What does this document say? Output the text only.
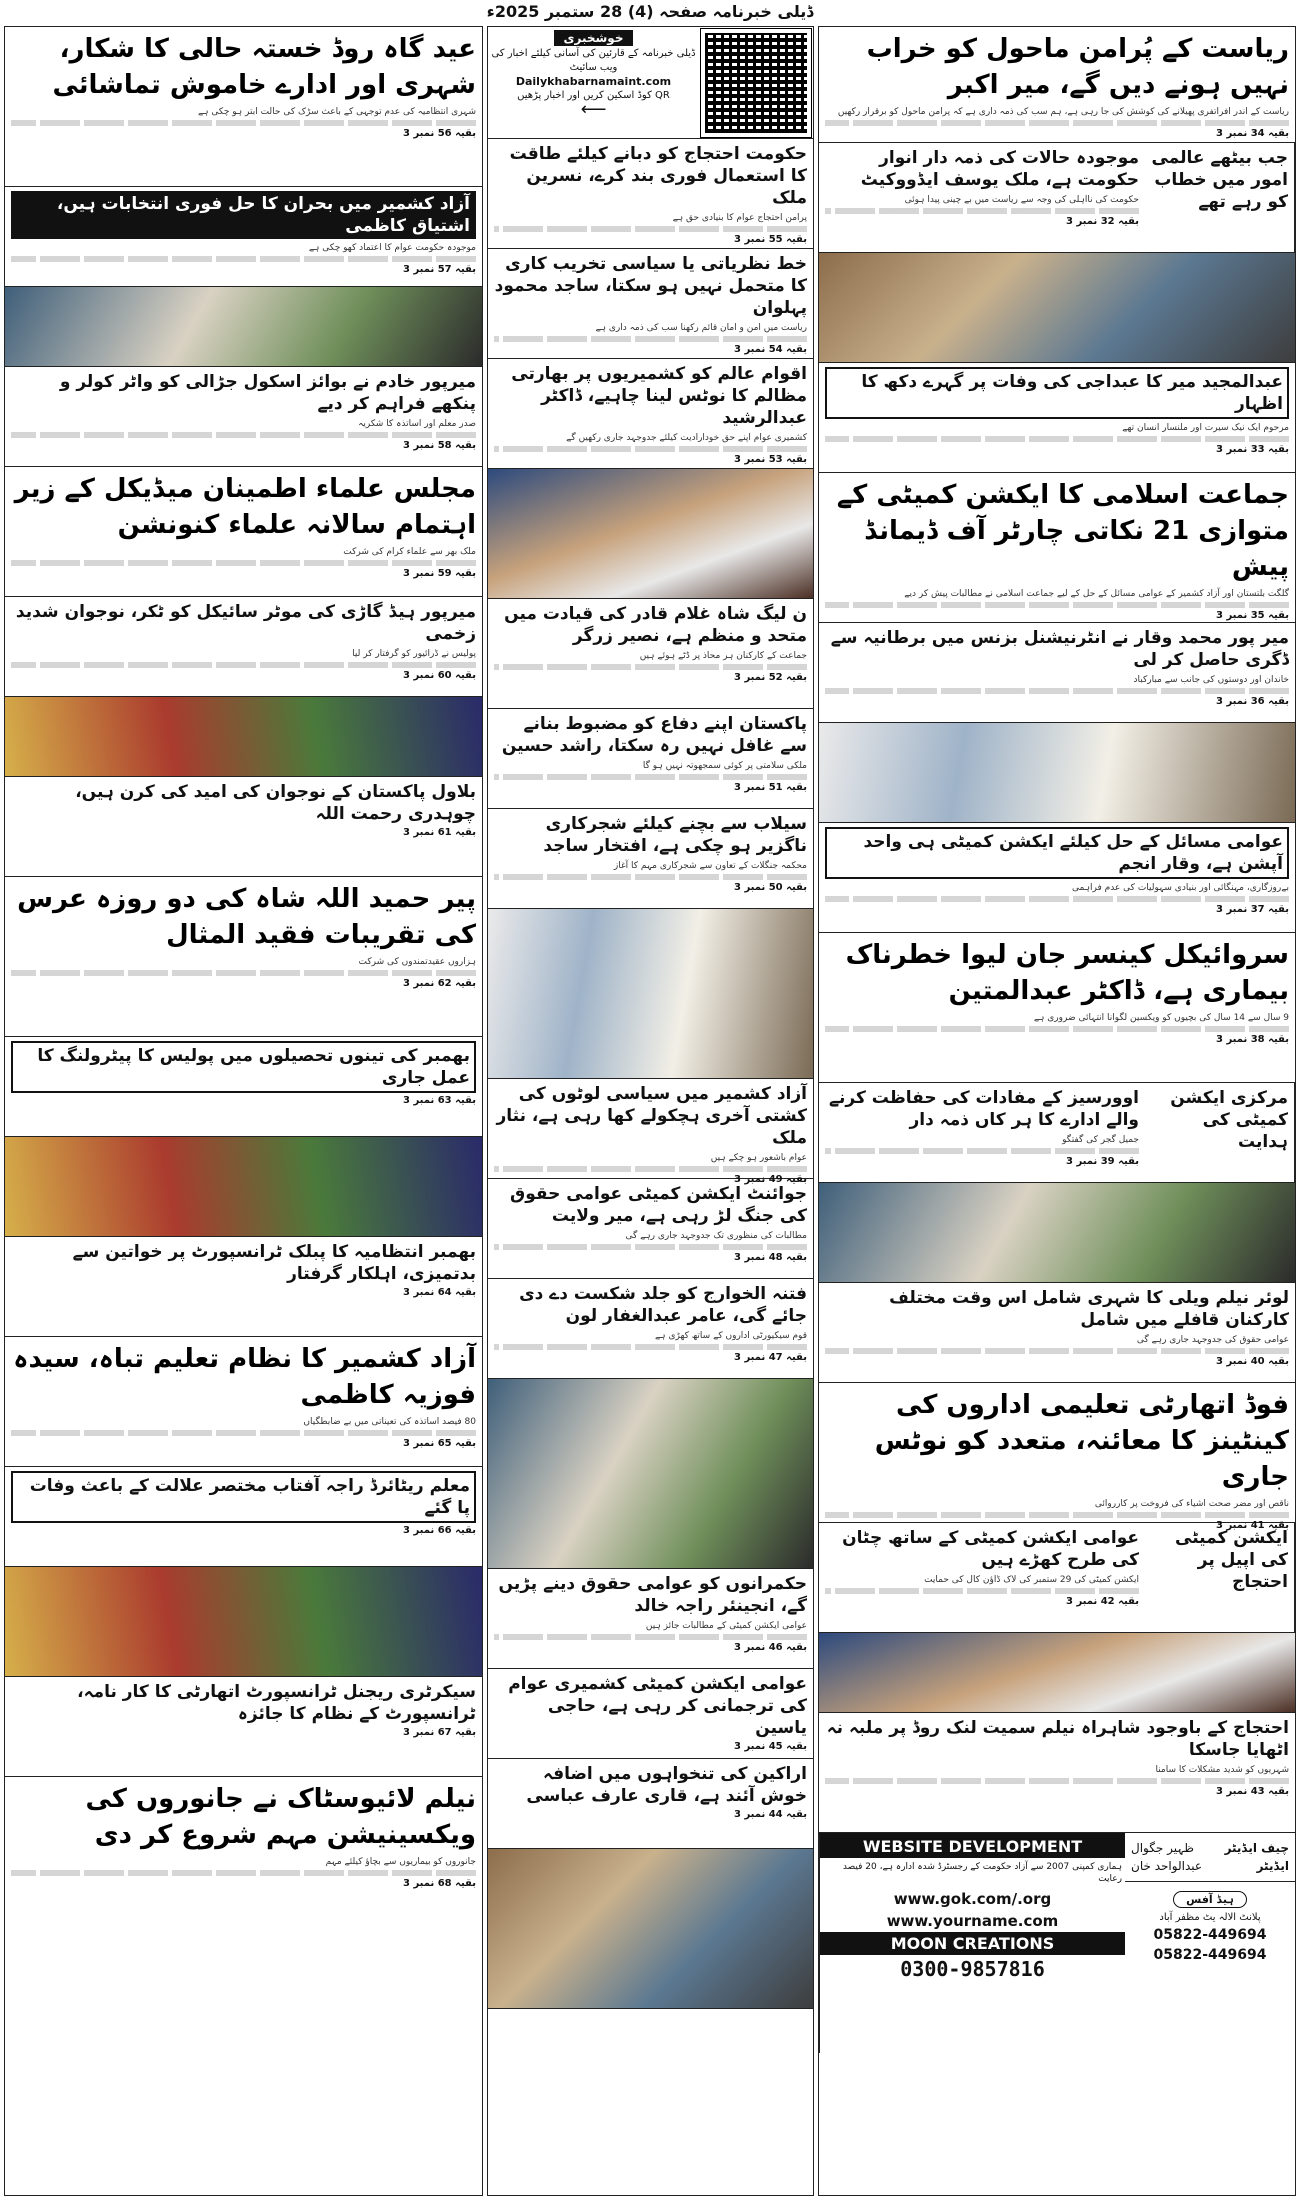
ڈیلی خبرنامہ صفحہ (4) 28 ستمبر 2025ء
ریاست کے پُرامن ماحول کو خراب نہیں ہونے دیں گے، میر اکبر
ریاست کے اندر افراتفری پھیلانے کی کوشش کی جا رہی ہے، ہم سب کی ذمہ داری ہے کہ پرامن ماحول کو برقرار رکھیں
بقیہ 34 نمبر 3
موجودہ حالات کی ذمہ دار انوار حکومت ہے، ملک یوسف ایڈووکیٹ
حکومت کی نااہلی کی وجہ سے ریاست میں بے چینی پیدا ہوئی
بقیہ 32 نمبر 3
جب بیٹھے عالمی امور میں خطاب کو رہے تھے
عبدالمجید میر کا عبداجی کی وفات پر گہرے دکھ کا اظہار
مرحوم ایک نیک سیرت اور ملنسار انسان تھے
بقیہ 33 نمبر 3
جماعت اسلامی کا ایکشن کمیٹی کے متوازی 21 نکاتی چارٹر آف ڈیمانڈ پیش
گلگت بلتستان اور آزاد کشمیر کے عوامی مسائل کے حل کے لیے جماعت اسلامی نے مطالبات پیش کر دیے
بقیہ 35 نمبر 3
میر پور محمد وقار نے انٹرنیشنل بزنس میں برطانیہ سے ڈگری حاصل کر لی
خاندان اور دوستوں کی جانب سے مبارکباد
بقیہ 36 نمبر 3
عوامی مسائل کے حل کیلئے ایکشن کمیٹی ہی واحد آپشن ہے، وقار انجم
بےروزگاری، مہنگائی اور بنیادی سہولیات کی عدم فراہمی
بقیہ 37 نمبر 3
سروائیکل کینسر جان لیوا خطرناک بیماری ہے، ڈاکٹر عبدالمتین
9 سال سے 14 سال کی بچیوں کو ویکسین لگوانا انتہائی ضروری ہے
بقیہ 38 نمبر 3
اوورسیز کے مفادات کی حفاظت کرنے والے ادارے کا ہر کاں ذمہ دار
جمیل گجر کی گفتگو
بقیہ 39 نمبر 3
مرکزی ایکشن کمیٹی کی ہدایت
لوئر نیلم ویلی کا شہری شامل اس وقت مختلف کارکنان قافلے میں شامل
عوامی حقوق کی جدوجہد جاری رہے گی
بقیہ 40 نمبر 3
فوڈ اتھارٹی تعلیمی اداروں کی کینٹینز کا معائنہ، متعدد کو نوٹس جاری
ناقص اور مضر صحت اشیاء کی فروخت پر کارروائی
بقیہ 41 نمبر 3
عوامی ایکشن کمیٹی کے ساتھ چٹان کی طرح کھڑے ہیں
ایکشن کمیٹی کی 29 ستمبر کی لاک ڈاؤن کال کی حمایت
بقیہ 42 نمبر 3
ایکشن کمیٹی کی اپیل پر احتجاج
احتجاج کے باوجود شاہراہ نیلم سمیت لنک روڈ پر ملبہ نہ اٹھایا جاسکا
شہریوں کو شدید مشکلات کا سامنا
بقیہ 43 نمبر 3
WEBSITE DEVELOPMENT
ہماری کمپنی 2007 سے آزاد حکومت کے رجسٹرڈ شدہ ادارہ ہے، 20 فیصد رعایت
www.gok.com/.org
www.yourname.com
MOON CREATIONS
0300-9857816
چیف ایڈیٹر
ظہیر جگوال
ایڈیٹر
عبدالواحد خان
ہیڈ آفس
پلانٹ الالہ یٹ مظفر آباد
05822-449694
05822-449694
خوشخبری
ڈیلی خبرنامہ کے قارئین کی آسانی کیلئے اخبار کی ویب سائیٹ
Dailykhabarnamaint.com
QR کوڈ اسکین کریں اور اخبار پڑھیں
⟵
حکومت احتجاج کو دبانے کیلئے طاقت کا استعمال فوری بند کرے، نسرین ملک
پرامن احتجاج عوام کا بنیادی حق ہے
بقیہ 55 نمبر 3
خط نظریاتی یا سیاسی تخریب کاری کا متحمل نہیں ہو سکتا، ساجد محمود پہلوان
ریاست میں امن و امان قائم رکھنا سب کی ذمہ داری ہے
بقیہ 54 نمبر 3
اقوام عالم کو کشمیریوں پر بھارتی مظالم کا نوٹس لینا چاہیے، ڈاکٹر عبدالرشید
کشمیری عوام اپنے حق خودارادیت کیلئے جدوجہد جاری رکھیں گے
بقیہ 53 نمبر 3
ن لیگ شاہ غلام قادر کی قیادت میں متحد و منظم ہے، نصیر زرگر
جماعت کے کارکنان ہر محاذ پر ڈٹے ہوئے ہیں
بقیہ 52 نمبر 3
پاکستان اپنے دفاع کو مضبوط بنانے سے غافل نہیں رہ سکتا، راشد حسین
ملکی سلامتی پر کوئی سمجھوتہ نہیں ہو گا
بقیہ 51 نمبر 3
سیلاب سے بچنے کیلئے شجرکاری ناگزیر ہو چکی ہے، افتخار ساجد
محکمہ جنگلات کے تعاون سے شجرکاری مہم کا آغاز
بقیہ 50 نمبر 3
آزاد کشمیر میں سیاسی لوٹوں کی کشتی آخری ہچکولے کھا رہی ہے، نثار ملک
عوام باشعور ہو چکے ہیں
بقیہ 49 نمبر 3
جوائنٹ ایکشن کمیٹی عوامی حقوق کی جنگ لڑ رہی ہے، میر ولایت
مطالبات کی منظوری تک جدوجہد جاری رہے گی
بقیہ 48 نمبر 3
فتنہ الخوارج کو جلد شکست دے دی جائے گی، عامر عبدالغفار لون
قوم سیکیورٹی اداروں کے ساتھ کھڑی ہے
بقیہ 47 نمبر 3
حکمرانوں کو عوامی حقوق دینے پڑیں گے، انجینئر راجہ خالد
عوامی ایکشن کمیٹی کے مطالبات جائز ہیں
بقیہ 46 نمبر 3
عوامی ایکشن کمیٹی کشمیری عوام کی ترجمانی کر رہی ہے، حاجی یاسین
بقیہ 45 نمبر 3
اراکین کی تنخواہوں میں اضافہ خوش آئند ہے، قاری عارف عباسی
بقیہ 44 نمبر 3
عید گاہ روڈ خستہ حالی کا شکار، شہری اور ادارے خاموش تماشائی
شہری انتظامیہ کی عدم توجہی کے باعث سڑک کی حالت ابتر ہو چکی ہے
بقیہ 56 نمبر 3
آزاد کشمیر میں بحران کا حل فوری انتخابات ہیں، اشتیاق کاظمی
موجودہ حکومت عوام کا اعتماد کھو چکی ہے
بقیہ 57 نمبر 3
میرپور خادم نے بوائز اسکول جڑالی کو واٹر کولر و پنکھے فراہم کر دیے
صدر معلم اور اساتذہ کا شکریہ
بقیہ 58 نمبر 3
مجلس علماء اطمینان میڈیکل کے زیر اہتمام سالانہ علماء کنونشن
ملک بھر سے علماء کرام کی شرکت
بقیہ 59 نمبر 3
میرپور ہیڈ گاڑی کی موٹر سائیکل کو ٹکر، نوجوان شدید زخمی
پولیس نے ڈرائیور کو گرفتار کر لیا
بقیہ 60 نمبر 3
بلاول پاکستان کے نوجوان کی امید کی کرن ہیں، چوہدری رحمت اللہ
بقیہ 61 نمبر 3
پیر حمید اللہ شاہ کی دو روزہ عرس کی تقریبات فقید المثال
ہزاروں عقیدتمندوں کی شرکت
بقیہ 62 نمبر 3
بھمبر کی تینوں تحصیلوں میں پولیس کا پیٹرولنگ کا عمل جاری
بقیہ 63 نمبر 3
بھمبر انتظامیہ کا پبلک ٹرانسپورٹ پر خواتین سے بدتمیزی، اہلکار گرفتار
بقیہ 64 نمبر 3
آزاد کشمیر کا نظام تعلیم تباہ، سیدہ فوزیہ کاظمی
80 فیصد اساتذہ کی تعیناتی میں بے ضابطگیاں
بقیہ 65 نمبر 3
معلم ریٹائرڈ راجہ آفتاب مختصر علالت کے باعث وفات پا گئے
بقیہ 66 نمبر 3
سیکرٹری ریجنل ٹرانسپورٹ اتھارٹی کا کار نامہ، ٹرانسپورٹ کے نظام کا جائزہ
بقیہ 67 نمبر 3
نیلم لائیوسٹاک نے جانوروں کی ویکسینیشن مہم شروع کر دی
جانوروں کو بیماریوں سے بچاؤ کیلئے مہم
بقیہ 68 نمبر 3
